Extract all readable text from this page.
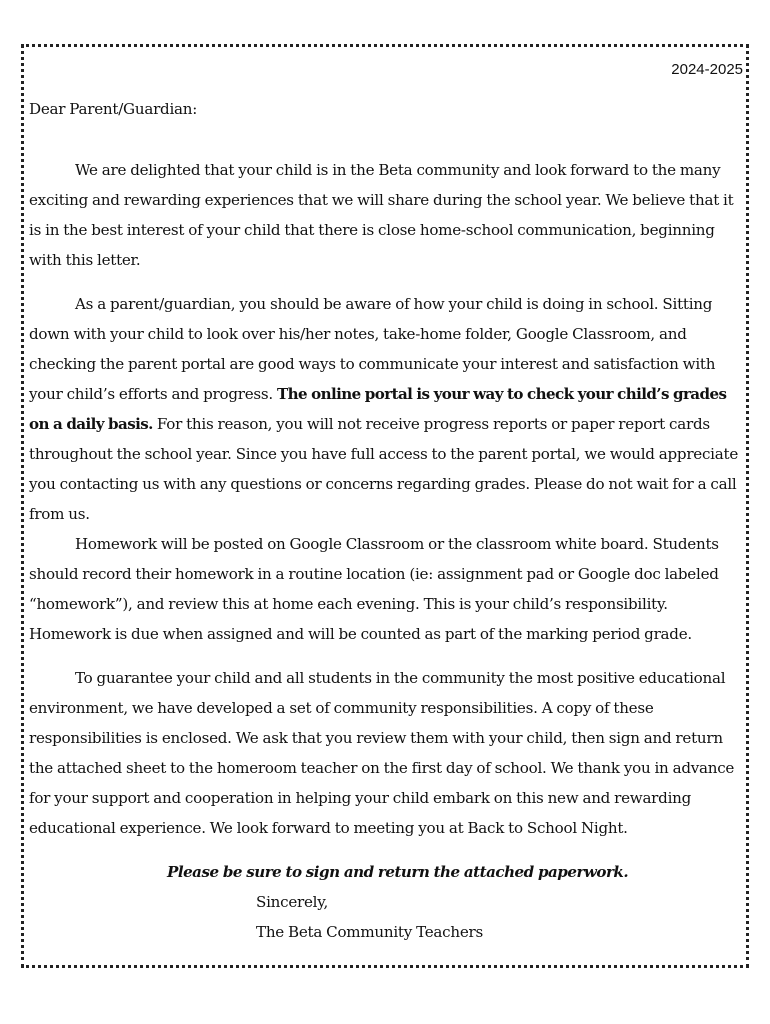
2024-2025
Dear Parent/Guardian:

We are delighted that your child is in the Beta community and look forward to the many exciting and rewarding experiences that we will share during the school year. We believe that it is in the best interest of your child that there is close home-school communication, beginning with this letter.

As a parent/guardian, you should be aware of how your child is doing in school. Sitting down with your child to look over his/her notes, take-home folder, Google Classroom, and checking the parent portal are good ways to communicate your interest and satisfaction with your child’s efforts and progress. The online portal is your way to check your child’s grades on a daily basis. For this reason, you will not receive progress reports or paper report cards throughout the school year. Since you have full access to the parent portal, we would appreciate you contacting us with any questions or concerns regarding grades. Please do not wait for a call from us.

Homework will be posted on Google Classroom or the classroom white board. Students should record their homework in a routine location (ie: assignment pad or Google doc labeled “homework”), and review this at home each evening. This is your child’s responsibility. Homework is due when assigned and will be counted as part of the marking period grade.

To guarantee your child and all students in the community the most positive educational environment, we have developed a set of community responsibilities. A copy of these responsibilities is enclosed. We ask that you review them with your child, then sign and return the attached sheet to the homeroom teacher on the first day of school. We thank you in advance for your support and cooperation in helping your child embark on this new and rewarding educational experience. We look forward to meeting you at Back to School Night.

Please be sure to sign and return the attached paperwork.
Sincerely,
The Beta Community Teachers
